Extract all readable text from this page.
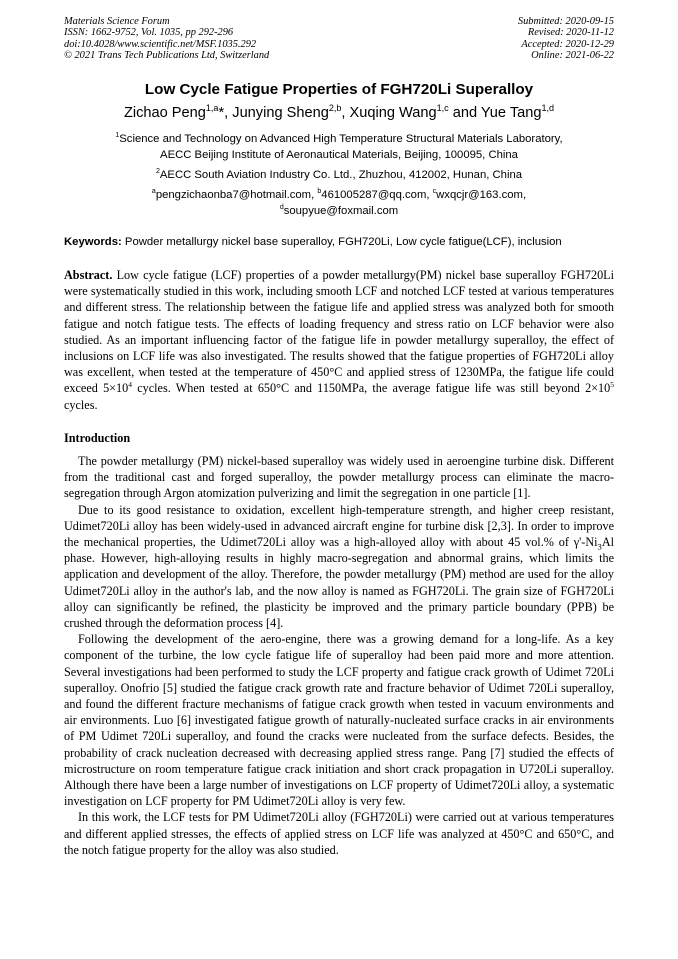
Materials Science Forum
ISSN: 1662-9752, Vol. 1035, pp 292-296
doi:10.4028/www.scientific.net/MSF.1035.292
© 2021 Trans Tech Publications Ltd, Switzerland
Submitted: 2020-09-15
Revised: 2020-11-12
Accepted: 2020-12-29
Online: 2021-06-22
Low Cycle Fatigue Properties of FGH720Li Superalloy
Zichao Peng$^{1,a}$*, Junying Sheng$^{2,b}$, Xuqing Wang$^{1,c}$ and Yue Tang$^{1,d}$
$^1$Science and Technology on Advanced High Temperature Structural Materials Laboratory,
AECC Beijing Institute of Aeronautical Materials, Beijing, 100095, China
$^2$AECC South Aviation Industry Co. Ltd., Zhuzhou, 412002, Hunan, China
$^a$pengzichaonba7@hotmail.com, $^b$461005287@qq.com, $^c$wxqcjr@163.com,
$^d$soupyue@foxmail.com
Keywords: Powder metallurgy nickel base superalloy, FGH720Li, Low cycle fatigue(LCF), inclusion
Abstract. Low cycle fatigue (LCF) properties of a powder metallurgy(PM) nickel base superalloy FGH720Li were systematically studied in this work, including smooth LCF and notched LCF tested at various temperatures and different stress. The relationship between the fatigue life and applied stress was analyzed both for smooth fatigue and notch fatigue tests. The effects of loading frequency and stress ratio on LCF behavior were also studied. As an important influencing factor of the fatigue life in powder metallurgy superalloy, the effect of inclusions on LCF life was also investigated. The results showed that the fatigue properties of FGH720Li alloy was excellent, when tested at the temperature of 450°C and applied stress of 1230MPa, the fatigue life could exceed $5\times 10^4$ cycles. When tested at 650°C and 1150MPa, the average fatigue life was still beyond $2\times 10^5$ cycles.
Introduction

The powder metallurgy (PM) nickel-based superalloy was widely used in aeroengine turbine disk. Different from the traditional cast and forged superalloy, the powder metallurgy process can eliminate the macro-segregation through Argon atomization pulverizing and limit the segregation in one particle [1].

Due to its good resistance to oxidation, excellent high-temperature strength, and higher creep resistant, Udimet720Li alloy has been widely-used in advanced aircraft engine for turbine disk [2,3]. In order to improve the mechanical properties, the Udimet720Li alloy was a high-alloyed alloy with about 45 vol.% of $\gamma'-Ni_3Al$ phase. However, high-alloying results in highly macro-segregation and abnormal grains, which limits the application and development of the alloy. Therefore, the powder metallurgy (PM) method are used for the alloy Udimet720Li alloy in the author's lab, and the now alloy is named as FGH720Li. The grain size of FGH720Li alloy can significantly be refined, the plasticity be improved and the primary particle boundary (PPB) be crushed through the deformation process [4].

Following the development of the aero-engine, there was a growing demand for a long-life. As a key component of the turbine, the low cycle fatigue life of superalloy had been paid more and more attention. Several investigations had been performed to study the LCF property and fatigue crack growth of Udimet 720Li superalloy. Onofrio [5] studied the fatigue crack growth rate and fracture behavior of Udimet 720Li superalloy, and found the different fracture mechanisms of fatigue crack growth when tested in vacuum environments and air environments. Luo [6] investigated fatigue growth of naturally-nucleated surface cracks in air environments of PM Udimet 720Li superalloy, and found the cracks were nucleated from the surface defects. Besides, the probability of crack nucleation decreased with decreasing applied stress range. Pang [7] studied the effects of microstructure on room temperature fatigue crack initiation and short crack propagation in U720Li superalloy. Although there have been a large number of investigations on LCF property of Udimet720Li alloy, a systematic investigation on LCF property for PM Udimet720Li alloy is very few.

In this work, the LCF tests for PM Udimet720Li alloy (FGH720Li) were carried out at various temperatures and different applied stresses, the effects of applied stress on LCF life was analyzed at 450°C and 650°C, and the notch fatigue property for the alloy was also studied.
